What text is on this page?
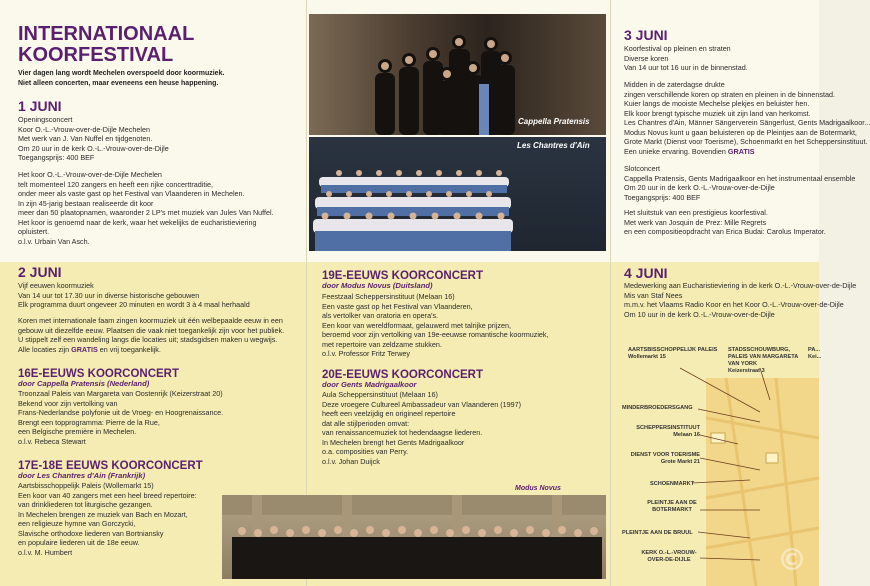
INTERNATIONAAL
KOORFESTIVAL
Vier dagen lang wordt Mechelen overspoeld door koormuziek.
Niet alleen concerten, maar eveneens een heuse happening.
1 JUNI
Openingsconcert
Koor O.-L.-Vrouw-over-de-Dijle Mechelen
Met werk van J. Van Nuffel en tijdgenoten.
Om 20 uur in de kerk O.-L.-Vrouw-over-de-Dijle
Toegangsprijs: 400 BEF
Het koor O.-L.-Vrouw-over-de-Dijle Mechelen
telt momenteel 120 zangers en heeft een rijke concerttraditie,
onder meer als vaste gast op het Festival van Vlaanderen in Mechelen.
In zijn 45-jarig bestaan realiseerde dit koor
meer dan 50 plaatopnamen, waaronder 2 LP's met muziek van Jules Van Nuffel.
Het koor is genoemd naar de kerk, waar het wekelijks de eucharistieviering
opluistert.
o.l.v. Urbain Van Asch.
Cappella Pratensis
Les Chantres d'Ain
2 JUNI
Vijf eeuwen koormuziek
Van 14 uur tot 17.30 uur in diverse historische gebouwen
Elk programma duurt ongeveer 20 minuten en wordt 3 à 4 maal herhaald
Koren met internationale faam zingen koormuziek uit één welbepaalde eeuw in een
gebouw uit diezelfde eeuw. Plaatsen die vaak niet toegankelijk zijn voor het publiek.
U stippelt zelf een wandeling langs die locaties uit; stadsgidsen maken u wegwijs.
Alle locaties zijn GRATIS en vrij toegankelijk.
16E-EEUWS KOORCONCERT
door Cappella Pratensis (Nederland)
Troonzaal Paleis van Margareta van Oostenrijk (Keizerstraat 20)
Bekend voor zijn vertolking van
Frans-Nederlandse polyfonie uit de Vroeg- en Hoogrenaissance.
Brengt een topprogramma: Pierre de la Rue,
een Belgische première in Mechelen.
o.l.v. Rebeca Stewart
17E-18E EEUWS KOORCONCERT
door Les Chantres d'Ain (Frankrijk)
Aartsbisschoppelijk Paleis (Wollemarkt 15)
Een koor van 40 zangers met een heel breed repertoire:
van drinkliederen tot liturgische gezangen.
In Mechelen brengen ze muziek van Bach en Mozart,
een religieuze hymne van Gorczycki,
Slavische orthodoxe liederen van Bortniansky
en populaire liederen uit de 18e eeuw.
o.l.v. M. Humbert
19E-EEUWS KOORCONCERT
door Modus Novus (Duitsland)
Feestzaal Scheppersinstituut (Melaan 16)
Een vaste gast op het Festival van Vlaanderen,
als vertolker van oratoria en opera's.
Een koor van wereldformaat, gelauwerd met talrijke prijzen,
beroemd voor zijn vertolking van 19e-eeuwse romantische koormuziek,
met repertoire van zeldzame stukken.
o.l.v. Professor Fritz Terwey
20E-EEUWS KOORCONCERT
door Gents Madrigaalkoor
Aula Scheppersinstituut (Melaan 16)
Deze vroegere Cultureel Ambassadeur van Vlaanderen (1997)
heeft een veelzijdig en origineel repertoire
dat alle stijlperioden omvat:
van renaissancemuziek tot hedendaagse liederen.
In Mechelen brengt het Gents Madrigaalkoor
o.a. composities van Perry.
o.l.v. Johan Duijck
Modus Novus
3 JUNI
Koorfestival op pleinen en straten
Diverse koren
Van 14 uur tot 16 uur in de binnenstad.
Midden in de zaterdagse drukte
zingen verschillende koren op straten en pleinen in de binnenstad.
Kuier langs de mooiste Mechelse plekjes en beluister hen.
Elk koor brengt typische muziek uit zijn land van herkomst.
Les Chantres d'Ain, Männer Sängerverein Sängerlust, Gents Madrigaalkoor...
Modus Novus kunt u gaan beluisteren op de Pleintjes aan de Botermarkt,
Grote Markt (Dienst voor Toerisme), Schoenmarkt en het Scheppersinstituut.
Een unieke ervaring. Bovendien GRATIS
Slotconcert
Cappella Pratensis, Gents Madrigaalkoor en het instrumentaal ensemble
Om 20 uur in de kerk O.-L.-Vrouw-over-de-Dijle
Toegangsprijs: 400 BEF
Het sluitstuk van een prestigieus koorfestival.
Met werk van Josquin de Prez: Mille Regrets
en een compositieopdracht van Erica Budai: Carolus Imperator.
4 JUNI
Medewerking aan Eucharistieviering in de kerk O.-L.-Vrouw-over-de-Dijle
Mis van Staf Nees
m.m.v. het Vlaams Radio Koor en het Koor O.-L.-Vrouw-over-de-Dijle
Om 10 uur in de kerk O.-L.-Vrouw-over-de-Dijle
AARTSBISSCHOPPELIJK PALEIS
Wollemarkt 15
STADSSCHOUWBURG, PALEIS VAN MARGARETA VAN YORK
Keizerstraat 3
PA...
Kei...
MINDERBROEDERSGANG
SCHEPPERSINSTITUUT
Melaan 16
DIENST VOOR TOERISME
Grote Markt 21
SCHOENMARKT
PLEINTJE AAN DE BOTERMARKT
PLEINTJE AAN DE BRUUL
KERK O.-L.-VROUW-OVER-DE-DIJLE	©
